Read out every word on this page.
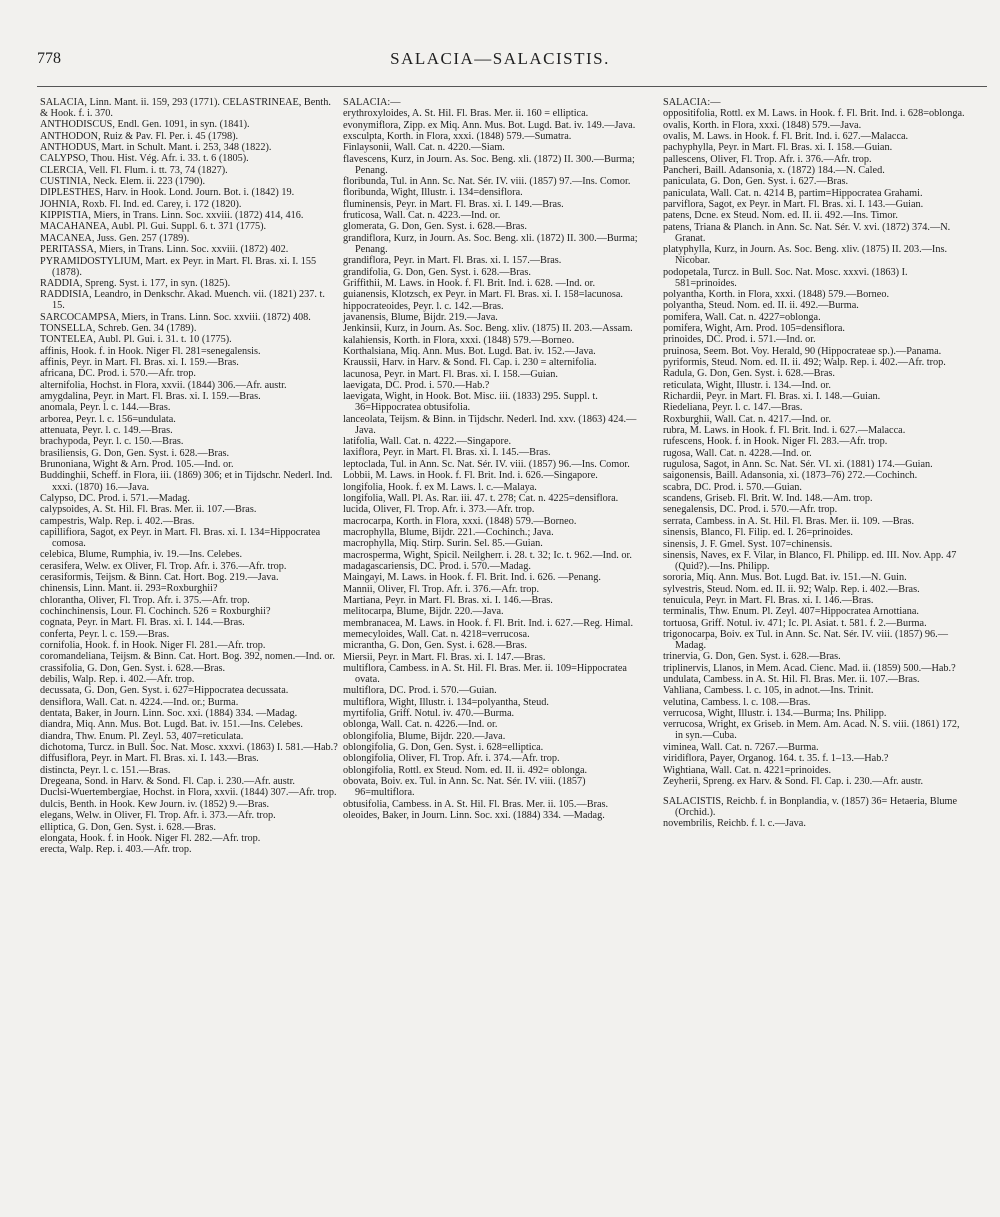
778	SALACIA—SALACISTIS.
SALACIA, Linn. Mant. ii. 159, 293 (1771). CELASTRINEAE, Benth. & Hook. f. i. 370.
ANTHODISCUS, Endl. Gen. 1091, in syn. (1841).
ANTHODON, Ruiz & Pav. Fl. Per. i. 45 (1798).
ANTHODUS, Mart. in Schult. Mant. i. 253, 348 (1822).
CALYPSO, Thou. Hist. Vég. Afr. i. 33. t. 6 (1805).
CLERCIA, Vell. Fl. Flum. i. tt. 73, 74 (1827).
CUSTINIA, Neck. Elem. ii. 223 (1790).
DIPLESTHES, Harv. in Hook. Lond. Journ. Bot. i. (1842) 19.
JOHNIA, Roxb. Fl. Ind. ed. Carey, i. 172 (1820).
KIPPISTIA, Miers, in Trans. Linn. Soc. xxviii. (1872) 414, 416.
MACAHANEA, Aubl. Pl. Gui. Suppl. 6. t. 371 (1775).
MACANEA, Juss. Gen. 257 (1789).
PERITASSA, Miers, in Trans. Linn. Soc. xxviii. (1872) 402.
PYRAMIDOSTYLIUM, Mart. ex Peyr. in Mart. Fl. Bras. xi. I. 155 (1878).
RADDIA, Spreng. Syst. i. 177, in syn. (1825).
RADDISIA, Leandro, in Denkschr. Akad. Muench. vii. (1821) 237. t. 15.
SARCOCAMPSA, Miers, in Trans. Linn. Soc. xxviii. (1872) 408.
TONSELLA, Schreb. Gen. 34 (1789).
TONTELEA, Aubl. Pl. Gui. i. 31. t. 10 (1775).
affinis, Hook. f. in Hook. Niger Fl. 281=senegalensis.
affinis, Peyr. in Mart. Fl. Bras. xi. I. 159.—Bras.
africana, DC. Prod. i. 570.—Afr. trop.
alternifolia, Hochst. in Flora, xxvii. (1844) 306.—Afr. austr.
amygdalina, Peyr. in Mart. Fl. Bras. xi. I. 159.—Bras.
anomala, Peyr. l. c. 144.—Bras.
arborea, Peyr. l. c. 156=undulata.
attenuata, Peyr. l. c. 149.—Bras.
brachypoda, Peyr. l. c. 150.—Bras.
brasiliensis, G. Don, Gen. Syst. i. 628.—Bras.
Brunoniana, Wight & Arn. Prod. 105.—Ind. or.
Buddinghii, Scheff. in Flora, iii. (1869) 306; et in Tijdschr. Nederl. Ind. xxxi. (1870) 16.—Java.
Calypso, DC. Prod. i. 571.—Madag.
calypsoides, A. St. Hil. Fl. Bras. Mer. ii. 107.—Bras.
campestris, Walp. Rep. i. 402.—Bras.
capillifiora, Sagot, ex Peyr. in Mart. Fl. Bras. xi. I. 134=Hippocratea comosa.
celebica, Blume, Rumphia, iv. 19.—Ins. Celebes.
cerasifera, Welw. ex Oliver, Fl. Trop. Afr. i. 376.—Afr. trop.
cerasiformis, Teijsm. & Binn. Cat. Hort. Bog. 219.—Java.
chinensis, Linn. Mant. ii. 293=Roxburghii?
chlorantha, Oliver, Fl. Trop. Afr. i. 375.—Afr. trop.
cochinchinensis, Lour. Fl. Cochinch. 526 = Roxburghii?
cognata, Peyr. in Mart. Fl. Bras. xi. I. 144.—Bras.
conferta, Peyr. l. c. 159.—Bras.
cornifolia, Hook. f. in Hook. Niger Fl. 281.—Afr. trop.
coromandeliana, Teijsm. & Binn. Cat. Hort. Bog. 392, nomen.—Ind. or.
crassifolia, G. Don, Gen. Syst. i. 628.—Bras.
debilis, Walp. Rep. i. 402.—Afr. trop.
decussata, G. Don, Gen. Syst. i. 627=Hippocratea decussata.
densiflora, Wall. Cat. n. 4224.—Ind. or.; Burma.
dentata, Baker, in Journ. Linn. Soc. xxi. (1884) 334. —Madag.
diandra, Miq. Ann. Mus. Bot. Lugd. Bat. iv. 151.—Ins. Celebes.
diandra, Thw. Enum. Pl. Zeyl. 53, 407=reticulata.
dichotoma, Turcz. in Bull. Soc. Nat. Mosc. xxxvi. (1863) I. 581.—Hab.?
diffusiflora, Peyr. in Mart. Fl. Bras. xi. I. 143.—Bras.
distincta, Peyr. l. c. 151.—Bras.
Dregeana, Sond. in Harv. & Sond. Fl. Cap. i. 230.—Afr. austr.
Duclsi-Wuertembergiae, Hochst. in Flora, xxvii. (1844) 307.—Afr. trop.
dulcis, Benth. in Hook. Kew Journ. iv. (1852) 9.—Bras.
elegans, Welw. in Oliver, Fl. Trop. Afr. i. 373.—Afr. trop.
elliptica, G. Don, Gen. Syst. i. 628.—Bras.
elongata, Hook. f. in Hook. Niger Fl. 282.—Afr. trop.
erecta, Walp. Rep. i. 403.—Afr. trop.
SALACIA:—
erythroxyloides, A. St. Hil. Fl. Bras. Mer. ii. 160 = elliptica.
evonymiflora, Zipp. ex Miq. Ann. Mus. Bot. Lugd. Bat. iv. 149.—Java.
exsculpta, Korth. in Flora, xxxi. (1848) 579.—Sumatra.
Finlaysonii, Wall. Cat. n. 4220.—Siam.
flavescens, Kurz, in Journ. As. Soc. Beng. xli. (1872) II. 300.—Burma; Penang.
floribunda, Tul. in Ann. Sc. Nat. Sér. IV. viii. (1857) 97.—Ins. Comor.
floribunda, Wight, Illustr. i. 134=densiflora.
fluminensis, Peyr. in Mart. Fl. Bras. xi. I. 149.—Bras.
fruticosa, Wall. Cat. n. 4223.—Ind. or.
glomerata, G. Don, Gen. Syst. i. 628.—Bras.
grandiflora, Kurz, in Journ. As. Soc. Beng. xli. (1872) II. 300.—Burma; Penang.
grandiflora, Peyr. in Mart. Fl. Bras. xi. I. 157.—Bras.
grandifolia, G. Don, Gen. Syst. i. 628.—Bras.
Griffithii, M. Laws. in Hook. f. Fl. Brit. Ind. i. 628. —Ind. or.
guianensis, Klotzsch, ex Peyr. in Mart. Fl. Bras. xi. I. 158=lacunosa.
hippocrateoides, Peyr. l. c. 142.—Bras.
javanensis, Blume, Bijdr. 219.—Java.
Jenkinsii, Kurz, in Journ. As. Soc. Beng. xliv. (1875) II. 203.—Assam.
kalahiensis, Korth. in Flora, xxxi. (1848) 579.—Borneo.
Korthalsiana, Miq. Ann. Mus. Bot. Lugd. Bat. iv. 152.—Java.
Kraussii, Harv. in Harv. & Sond. Fl. Cap. i. 230 = alternifolia.
lacunosa, Peyr. in Mart. Fl. Bras. xi. I. 158.—Guian.
laevigata, DC. Prod. i. 570.—Hab.?
laevigata, Wight, in Hook. Bot. Misc. iii. (1833) 295. Suppl. t. 36=Hippocratea obtusifolia.
lanceolata, Teijsm. & Binn. in Tijdschr. Nederl. Ind. xxv. (1863) 424.—Java.
latifolia, Wall. Cat. n. 4222.—Singapore.
laxiflora, Peyr. in Mart. Fl. Bras. xi. I. 145.—Bras.
leptoclada, Tul. in Ann. Sc. Nat. Sér. IV. viii. (1857) 96.—Ins. Comor.
Lobbii, M. Laws. in Hook. f. Fl. Brit. Ind. i. 626.—Singapore.
longifolia, Hook. f. ex M. Laws. l. c.—Malaya.
longifolia, Wall. Pl. As. Rar. iii. 47. t. 278; Cat. n. 4225=densiflora.
lucida, Oliver, Fl. Trop. Afr. i. 373.—Afr. trop.
macrocarpa, Korth. in Flora, xxxi. (1848) 579.—Borneo.
macrophylla, Blume, Bijdr. 221.—Cochinch.; Java.
macrophylla, Miq. Stirp. Surin. Sel. 85.—Guian.
macrosperma, Wight, Spicil. Neilgherr. i. 28. t. 32; Ic. t. 962.—Ind. or.
madagascariensis, DC. Prod. i. 570.—Madag.
Maingayi, M. Laws. in Hook. f. Fl. Brit. Ind. i. 626. —Penang.
Mannii, Oliver, Fl. Trop. Afr. i. 376.—Afr. trop.
Martiana, Peyr. in Mart. Fl. Bras. xi. I. 146.—Bras.
melitocarpa, Blume, Bijdr. 220.—Java.
membranacea, M. Laws. in Hook. f. Fl. Brit. Ind. i. 627.—Reg. Himal.
memecyloides, Wall. Cat. n. 4218=verrucosa.
micrantha, G. Don, Gen. Syst. i. 628.—Bras.
Miersii, Peyr. in Mart. Fl. Bras. xi. I. 147.—Bras.
multiflora, Cambess. in A. St. Hil. Fl. Bras. Mer. ii. 109=Hippocratea ovata.
multiflora, DC. Prod. i. 570.—Guian.
multiflora, Wight, Illustr. i. 134=polyantha, Steud.
myrtifolia, Griff. Notul. iv. 470.—Burma.
oblonga, Wall. Cat. n. 4226.—Ind. or.
oblongifolia, Blume, Bijdr. 220.—Java.
oblongifolia, G. Don, Gen. Syst. i. 628=elliptica.
oblongifolia, Oliver, Fl. Trop. Afr. i. 374.—Afr. trop.
oblongifolia, Rottl. ex Steud. Nom. ed. II. ii. 492= oblonga.
obovata, Boiv. ex. Tul. in Ann. Sc. Nat. Sér. IV. viii. (1857) 96=multiflora.
obtusifolia, Cambess. in A. St. Hil. Fl. Bras. Mer. ii. 105.—Bras.
oleoides, Baker, in Journ. Linn. Soc. xxi. (1884) 334. —Madag.
SALACIA:—
oppositifolia, Rottl. ex M. Laws. in Hook. f. Fl. Brit. Ind. i. 628=oblonga.
ovalis, Korth. in Flora, xxxi. (1848) 579.—Java.
ovalis, M. Laws. in Hook. f. Fl. Brit. Ind. i. 627.—Malacca.
pachyphylla, Peyr. in Mart. Fl. Bras. xi. I. 158.—Guian.
pallescens, Oliver, Fl. Trop. Afr. i. 376.—Afr. trop.
Pancheri, Baill. Adansonia, x. (1872) 184.—N. Caled.
paniculata, G. Don, Gen. Syst. i. 627.—Bras.
paniculata, Wall. Cat. n. 4214 B, partim=Hippocratea Grahami.
parviflora, Sagot, ex Peyr. in Mart. Fl. Bras. xi. I. 143.—Guian.
patens, Dcne. ex Steud. Nom. ed. II. ii. 492.—Ins. Timor.
patens, Triana & Planch. in Ann. Sc. Nat. Sér. V. xvi. (1872) 374.—N. Granat.
platyphylla, Kurz, in Journ. As. Soc. Beng. xliv. (1875) II. 203.—Ins. Nicobar.
podopetala, Turcz. in Bull. Soc. Nat. Mosc. xxxvi. (1863) I. 581=prinoides.
polyantha, Korth. in Flora, xxxi. (1848) 579.—Borneo.
polyantha, Steud. Nom. ed. II. ii. 492.—Burma.
pomifera, Wall. Cat. n. 4227=oblonga.
pomifera, Wight, Arn. Prod. 105=densiflora.
prinoides, DC. Prod. i. 571.—Ind. or.
pruinosa, Seem. Bot. Voy. Herald, 90 (Hippocrateae sp.).—Panama.
pyriformis, Steud. Nom. ed. II. ii. 492; Walp. Rep. i. 402.—Afr. trop.
Radula, G. Don, Gen. Syst. i. 628.—Bras.
reticulata, Wight, Illustr. i. 134.—Ind. or.
Richardii, Peyr. in Mart. Fl. Bras. xi. I. 148.—Guian.
Riedeliana, Peyr. l. c. 147.—Bras.
Roxburghii, Wall. Cat. n. 4217.—Ind. or.
rubra, M. Laws. in Hook. f. Fl. Brit. Ind. i. 627.—Malacca.
rufescens, Hook. f. in Hook. Niger Fl. 283.—Afr. trop.
rugosa, Wall. Cat. n. 4228.—Ind. or.
rugulosa, Sagot, in Ann. Sc. Nat. Sér. VI. xi. (1881) 174.—Guian.
saigonensis, Baill. Adansonia, xi. (1873–76) 272.—Cochinch.
scabra, DC. Prod. i. 570.—Guian.
scandens, Griseb. Fl. Brit. W. Ind. 148.—Am. trop.
senegalensis, DC. Prod. i. 570.—Afr. trop.
serrata, Cambess. in A. St. Hil. Fl. Bras. Mer. ii. 109. —Bras.
sinensis, Blanco, Fl. Filip. ed. I. 26=prinoides.
sinensis, J. F. Gmel. Syst. 107=chinensis.
sinensis, Naves, ex F. Vilar, in Blanco, Fl. Philipp. ed. III. Nov. App. 47 (Quid?).—Ins. Philipp.
sororia, Miq. Ann. Mus. Bot. Lugd. Bat. iv. 151.—N. Guin.
sylvestris, Steud. Nom. ed. II. ii. 92; Walp. Rep. i. 402.—Bras.
tenuicula, Peyr. in Mart. Fl. Bras. xi. I. 146.—Bras.
terminalis, Thw. Enum. Pl. Zeyl. 407=Hippocratea Arnottiana.
tortuosa, Griff. Notul. iv. 471; Ic. Pl. Asiat. t. 581. f. 2.—Burma.
trigonocarpa, Boiv. ex Tul. in Ann. Sc. Nat. Sér. IV. viii. (1857) 96.—Madag.
trinervia, G. Don, Gen. Syst. i. 628.—Bras.
triplinervis, Llanos, in Mem. Acad. Cienc. Mad. ii. (1859) 500.—Hab.?
undulata, Cambess. in A. St. Hil. Fl. Bras. Mer. ii. 107.—Bras.
Vahliana, Cambess. l. c. 105, in adnot.—Ins. Trinit.
velutina, Cambess. l. c. 108.—Bras.
verrucosa, Wight, Illustr. i. 134.—Burma; Ins. Philipp.
verrucosa, Wright, ex Griseb. in Mem. Am. Acad. N. S. viii. (1861) 172, in syn.—Cuba.
viminea, Wall. Cat. n. 7267.—Burma.
viridiflora, Payer, Organog. 164. t. 35. f. 1–13.—Hab.?
Wightiana, Wall. Cat. n. 4221=prinoides.
Zeyherii, Spreng. ex Harv. & Sond. Fl. Cap. i. 230.—Afr. austr.
SALACISTIS, Reichb. f. in Bonplandia, v. (1857) 36= Hetaeria, Blume (Orchid.).
novembrilis, Reichb. f. l. c.—Java.
